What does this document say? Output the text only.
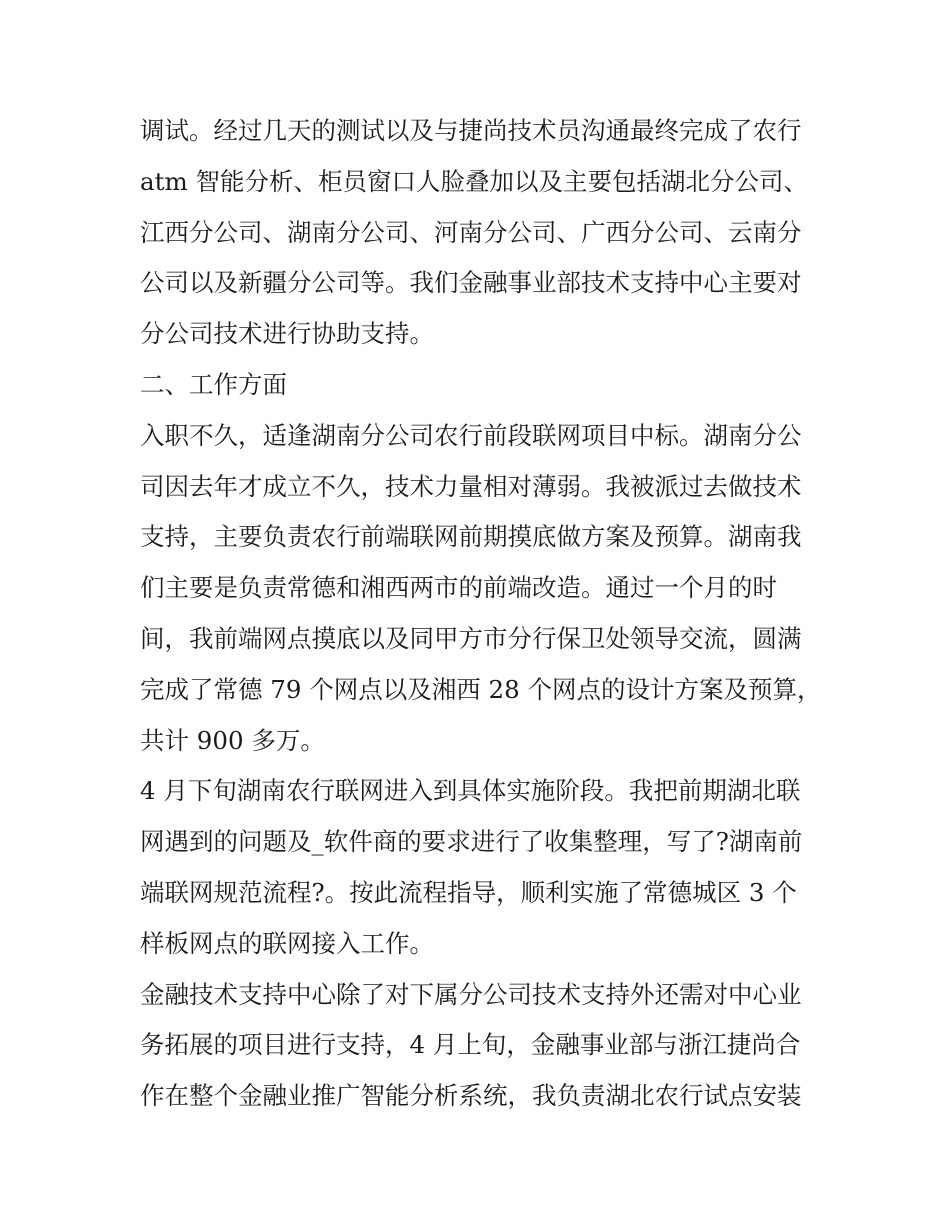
调试。经过几天的测试以及与捷尚技术员沟通最终完成了农行
atm 智能分析、柜员窗口人脸叠加以及主要包括湖北分公司、
江西分公司、湖南分公司、河南分公司、广西分公司、云南分
公司以及新疆分公司等。我们金融事业部技术支持中心主要对
分公司技术进行协助支持。
二、工作方面
入职不久，适逢湖南分公司农行前段联网项目中标。湖南分公
司因去年才成立不久，技术力量相对薄弱。我被派过去做技术
支持，主要负责农行前端联网前期摸底做方案及预算。湖南我
们主要是负责常德和湘西两市的前端改造。通过一个月的时
间，我前端网点摸底以及同甲方市分行保卫处领导交流，圆满
完成了常德 79 个网点以及湘西 28 个网点的设计方案及预算，
共计 900 多万。
4 月下旬湖南农行联网进入到具体实施阶段。我把前期湖北联
网遇到的问题及_软件商的要求进行了收集整理，写了?湖南前
端联网规范流程?。按此流程指导，顺利实施了常德城区 3 个
样板网点的联网接入工作。
金融技术支持中心除了对下属分公司技术支持外还需对中心业
务拓展的项目进行支持，4 月上旬，金融事业部与浙江捷尚合
作在整个金融业推广智能分析系统，我负责湖北农行试点安装
